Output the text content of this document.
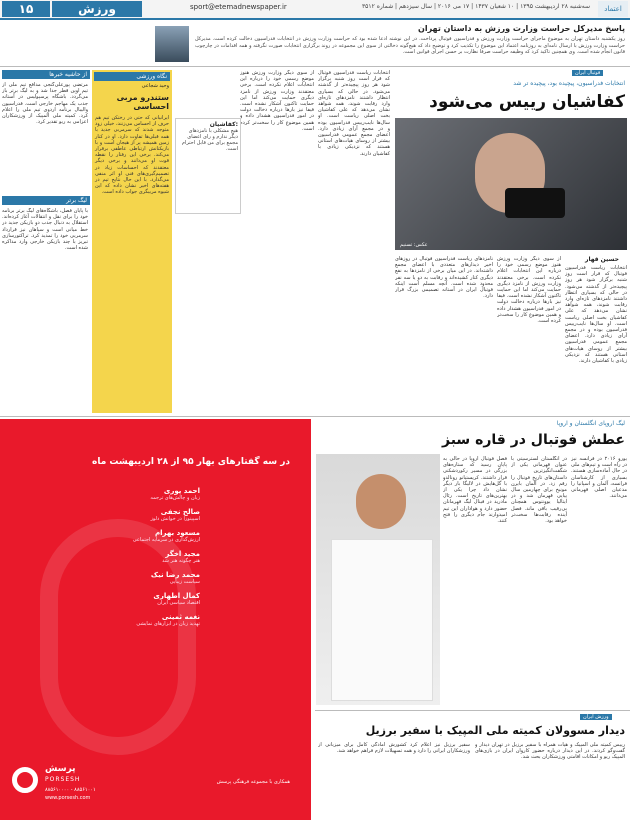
۱۵	ورزش	sport@etemadnewspaper.ir	سه‌شنبه ۲۸ اردیبهشت ۱۳۹۵ | ۱۰ شعبان ۱۴۳۷ | ۱۷ می ۲۰۱۶ | سال سیزدهم | شماره ۳۵۱۲	اعتماد
پاسخ مدیرکل حراست وزارت ورزش به داستان تهران
روز یکشنبه داستان تهران به موضوع ماجرای حراست وزارت ورزش و فدراسیون فوتبال پرداخت. در این نوشته ادعا شده بود که حراست وزارت ورزش در انتخابات فدراسیون دخالت کرده است. مدیرکل حراست وزارت ورزش با ارسال نامه‌ای به روزنامه اعتماد این موضوع را تکذیب کرد و توضیح داد که هیچ‌گونه دخالتی از سوی این مجموعه در روند برگزاری انتخابات صورت نگرفته و همه اقدامات در چارچوب قانون انجام شده است. وی همچنین تاکید کرد که وظیفه حراست صرفا نظارت بر حسن اجرای قوانین است.
فوتبال ایران
انتخابات فدراسیون، پیچیده بود، پیچیده تر شد
کفاشیان رییس می‌شود
عکس: تسنیم
حسین قهار
انتخابات ریاست فدراسیون فوتبال که قرار است روز شنبه برگزار شود هر روز پیچیده‌تر از گذشته می‌شود. در حالی که بسیاری انتظار داشتند نامزدهای تازه‌ای وارد رقابت شوند، همه شواهد نشان می‌دهد که علی کفاشیان بخت اصلی ریاست است. او سال‌ها نایب‌رییس فدراسیون بوده و در مجمع آرای زیادی دارد. اعضای مجمع عمومی فدراسیون بیشتر از روسای هیات‌های استانی هستند که نزدیکی زیادی با کفاشیان دارند.
از سوی دیگر وزارت ورزش هنوز موضع رسمی خود را درباره این انتخابات اعلام نکرده است. برخی معتقدند وزارت ورزش از نامزد دیگری حمایت می‌کند اما این حمایت تاکنون آشکار نشده است. فیفا نیز بارها درباره دخالت دولت در امور فدراسیون هشدار داده و همین موضوع کار را سخت‌تر کرده است.
نامزدهای ریاست فدراسیون فوتبال در روزهای اخیر دیدارهای متعددی با اعضای مجمع داشته‌اند. در این میان برخی از نامزدها به نفع دیگری کنار کشیده‌اند و رقابت به دو یا سه نفر محدود شده است. آنچه مسلم است اینکه فوتبال ایران در آستانه تصمیمی بزرگ قرار دارد.
انتخابات ریاست فدراسیون فوتبال که قرار است روز شنبه برگزار شود هر روز پیچیده‌تر از گذشته می‌شود. در حالی که بسیاری انتظار داشتند نامزدهای تازه‌ای وارد رقابت شوند، همه شواهد نشان می‌دهد که علی کفاشیان بخت اصلی ریاست است. او سال‌ها نایب‌رییس فدراسیون بوده و در مجمع آرای زیادی دارد. اعضای مجمع عمومی فدراسیون بیشتر از روسای هیات‌های استانی هستند که نزدیکی زیادی با کفاشیان دارند.
از سوی دیگر وزارت ورزش هنوز موضع رسمی خود را درباره این انتخابات اعلام نکرده است. برخی معتقدند وزارت ورزش از نامزد دیگری حمایت می‌کند اما این حمایت تاکنون آشکار نشده است. فیفا نیز بارها درباره دخالت دولت در امور فدراسیون هشدار داده و همین موضوع کار را سخت‌تر کرده است.
کفاشیان:
هیچ مشکلی با نامزدهای دیگر ندارم و رای اعضای مجمع برای من قابل احترام است.
نگاه ورزشی
وحید شجاعی
ستندرو مربی احساسی
ایرانیانی که حتی در رختکن تیم هم حرف از احساس می‌زنند، خیلی زود متوجه شدند که سرمربی جدید با همه قبلی‌ها تفاوت دارد. او در کنار زمین همیشه پر از هیجان است و با بازیکنانش ارتباطی عاطفی برقرار می‌کند. برخی این رفتار را نقطه قوت او می‌دانند و برخی دیگر معتقدند که احساسات زیاد در تصمیم‌گیری‌های فنی او اثر منفی می‌گذارد. با این حال نتایج تیم در هفته‌های اخیر نشان داده که این شیوه مربیگری جواب داده است.
از حاشیه خبرها
مرتضی پورعلی‌گنجی مدافع تیم ملی از تیم اوپن قطر جدا شد و به لیگ برتر باز می‌گردد. باشگاه پرسپولیس در آستانه جذب یک مهاجم خارجی است. فدراسیون والیبال برنامه اردوی تیم ملی را اعلام کرد. کمیته ملی المپیک از ورزشکاران اعزامی به ریو تقدیر کرد.
لیگ برتر
با پایان فصل، باشگاه‌های لیگ برتر برنامه خود را برای نقل و انتقالات آغاز کرده‌اند. استقلال به دنبال جذب دو بازیکن جدید در خط میانی است و سپاهان نیز قرارداد سرمربی خود را تمدید کرد. تراکتورسازی تبریز با چند بازیکن خارجی وارد مذاکره شده است.
در سه گفتار‌های بهار ۹۵ از ۲۸ اردیبهشت ماه
احمد پوری
زبان و چالش‌های ترجمه
صالح نجفی
اسپینوزا در خوانش دلوز
مسعود بهرام
ارزش‌گذاری در سرمایه اجتماعی
مجید اخگر
هنر چگونه هنر شد
محمد رضا نیک
سیاست زیبایی
کمال اطهاری
اقتصاد سیاسی ایران
نغمه ثمینی
تهدید زبان در ابزارهای نمایشی
پرسش
PORSESH
۸۸۵۶۱۰۰۰۰ - ۸۸۵۶۱۰۰۱
www.porsesh.com
همکاری با مجموعه فرهنگی پرسش
لیگ اروپای انگلستان و اروپا
عطش فوتبال در قاره سبز
فصل فوتبال اروپا در حالی به پایان رسید که ستاره‌های بزرگی در مسیر رکوردشکنی قرار داشتند. کریستیانو رونالدو با گل‌هایش در لالیگا بار دیگر نشان داد چرا یکی از بهترین‌های تاریخ است. رئال مادرید در فینال لیگ قهرمانان حضور دارد و هواداران این تیم امیدوارند جام دیگری را فتح کنند.
در انگلستان لسترسیتی با عنوان قهرمانی یکی از شگفت‌انگیزترین داستان‌های تاریخ فوتبال را رقم زد. در آلمان بایرن مونیخ برای چهارمین سال پیاپی قهرمان شد و در ایتالیا یوونتوس همچنان بی‌رقیب باقی ماند. فصل آینده رقابت‌ها سخت‌تر خواهد بود.
یورو ۲۰۱۶ در فرانسه نیز در راه است و تیم‌های ملی در حال آماده‌سازی هستند. بسیاری از کارشناسان فرانسه، آلمان و اسپانیا را مدعیان اصلی قهرمانی می‌دانند.
ورزش ایران
دیدار مسوولان کمیته ملی المپیک با سفیر برزیل
رییس کمیته ملی المپیک و هیات همراه با سفیر برزیل در تهران دیدار و گفت‌وگو کردند. در این دیدار درباره حضور کاروان ایران در بازی‌های المپیک ریو و امکانات اقامتی ورزشکاران بحث شد.
سفیر برزیل نیز اعلام کرد کشورش آمادگی کامل برای میزبانی از ورزشکاران ایرانی را دارد و همه تسهیلات لازم فراهم خواهد شد.
